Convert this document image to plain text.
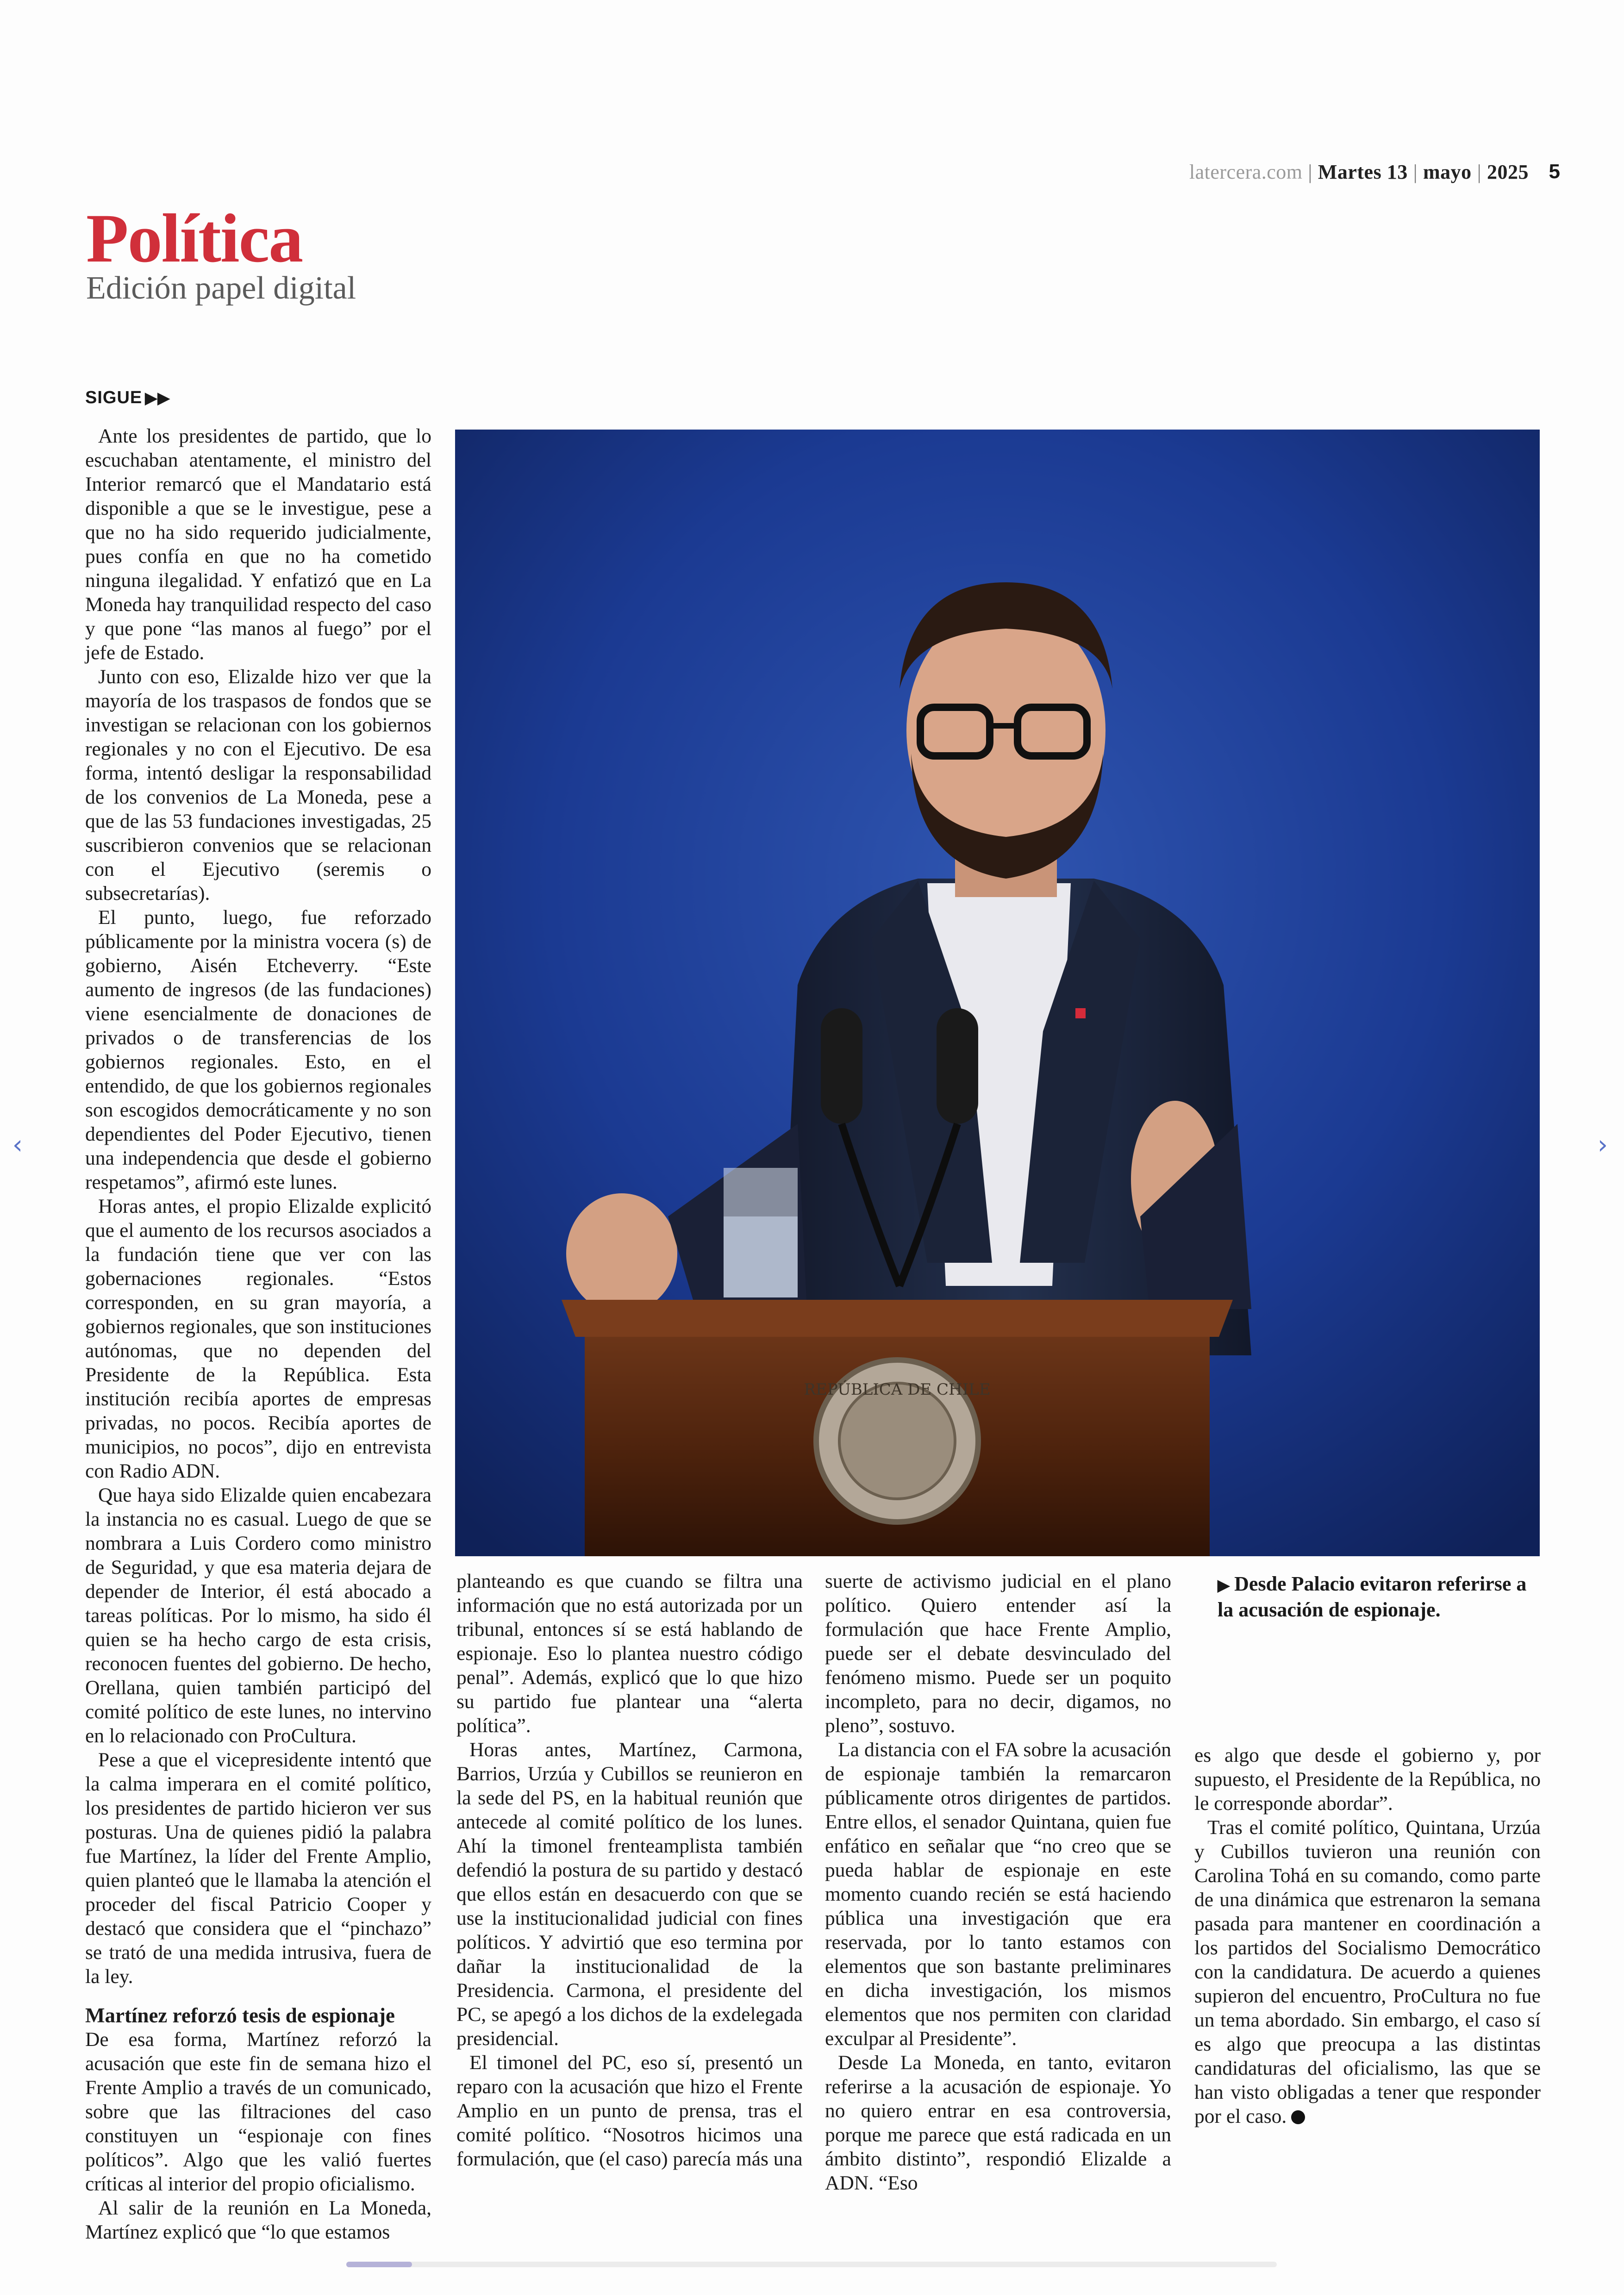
latercera.com | Martes 13 | mayo | 2025 5
Política
Edición papel digital
SIGUE ▶▶
REPÚBLICA DE CHILE

Ante los presidentes de partido, que lo escuchaban atentamente, el ministro del Interior remarcó que el Mandatario está disponible a que se le investigue, pese a que no ha sido requerido judicialmente, pues confía en que no ha cometido ninguna ilegalidad. Y enfatizó que en La Moneda hay tranquilidad respecto del caso y que pone “las manos al fuego” por el jefe de Estado.

Junto con eso, Elizalde hizo ver que la mayoría de los traspasos de fondos que se investigan se relacionan con los gobiernos regionales y no con el Ejecutivo. De esa forma, intentó desligar la responsabilidad de los convenios de La Moneda, pese a que de las 53 fundaciones investigadas, 25 suscribieron convenios que se relacionan con el Ejecutivo (seremis o subsecretarías).

El punto, luego, fue reforzado públicamente por la ministra vocera (s) de gobierno, Aisén Etcheverry. “Este aumento de ingresos (de las fundaciones) viene esencialmente de donaciones de privados o de transferencias de los gobiernos regionales. Esto, en el entendido, de que los gobiernos regionales son escogidos democráticamente y no son dependientes del Poder Ejecutivo, tienen una independencia que desde el gobierno respetamos”, afirmó este lunes.

Horas antes, el propio Elizalde explicitó que el aumento de los recursos asociados a la fundación tiene que ver con las gobernaciones regionales. “Estos corresponden, en su gran mayoría, a gobiernos regionales, que son instituciones autónomas, que no dependen del Presidente de la República. Esta institución recibía aportes de empresas privadas, no pocos. Recibía aportes de municipios, no pocos”, dijo en entrevista con Radio ADN.

Que haya sido Elizalde quien encabezara la instancia no es casual. Luego de que se nombrara a Luis Cordero como ministro de Seguridad, y que esa materia dejara de depender de Interior, él está abocado a tareas políticas. Por lo mismo, ha sido él quien se ha hecho cargo de esta crisis, reconocen fuentes del gobierno. De hecho, Orellana, quien también participó del comité político de este lunes, no intervino en lo relacionado con ProCultura.

Pese a que el vicepresidente intentó que la calma imperara en el comité político, los presidentes de partido hicieron ver sus posturas. Una de quienes pidió la palabra fue Martínez, la líder del Frente Amplio, quien planteó que le llamaba la atención el proceder del fiscal Patricio Cooper y destacó que considera que el “pinchazo” se trató de una medida intrusiva, fuera de la ley.

Martínez reforzó tesis de espionaje

De esa forma, Martínez reforzó la acusación que este fin de semana hizo el Frente Amplio a través de un comunicado, sobre que las filtraciones del caso constituyen un “espionaje con fines políticos”. Algo que les valió fuertes críticas al interior del propio oficialismo.

Al salir de la reunión en La Moneda, Martínez explicó que “lo que estamos

planteando es que cuando se filtra una información que no está autorizada por un tribunal, entonces sí se está hablando de espionaje. Eso lo plantea nuestro código penal”. Además, explicó que lo que hizo su partido fue plantear una “alerta política”.

Horas antes, Martínez, Carmona, Barrios, Urzúa y Cubillos se reunieron en la sede del PS, en la habitual reunión que antecede al comité político de los lunes. Ahí la timonel frenteamplista también defendió la postura de su partido y destacó que ellos están en desacuerdo con que se use la institucionalidad judicial con fines políticos. Y advirtió que eso termina por dañar la institucionalidad de la Presidencia. Carmona, el presidente del PC, se apegó a los dichos de la exdelegada presidencial.

El timonel del PC, eso sí, presentó un reparo con la acusación que hizo el Frente Amplio en un punto de prensa, tras el comité político. “Nosotros hicimos una formulación, que (el caso) parecía más una

suerte de activismo judicial en el plano político. Quiero entender así la formulación que hace Frente Amplio, puede ser el debate desvinculado del fenómeno mismo. Puede ser un poquito incompleto, para no decir, digamos, no pleno”, sostuvo.

La distancia con el FA sobre la acusación de espionaje también la remarcaron públicamente otros dirigentes de partidos. Entre ellos, el senador Quintana, quien fue enfático en señalar que “no creo que se pueda hablar de espionaje en este momento cuando recién se está haciendo pública una investigación que era reservada, por lo tanto estamos con elementos que son bastante preliminares en dicha investigación, los mismos elementos que nos permiten con claridad exculpar al Presidente”.

Desde La Moneda, en tanto, evitaron referirse a la acusación de espionaje. Yo no quiero entrar en esa controversia, porque me parece que está radicada en un ámbito distinto”, respondió Elizalde a ADN. “Eso

▶ Desde Palacio evitaron referirse a la acusación de espionaje.

es algo que desde el gobierno y, por supuesto, el Presidente de la República, no le corresponde abordar”.

Tras el comité político, Quintana, Urzúa y Cubillos tuvieron una reunión con Carolina Tohá en su comando, como parte de una dinámica que estrenaron la semana pasada para mantener en coordinación a los partidos del Socialismo Democrático con la candidatura. De acuerdo a quienes supieron del encuentro, ProCultura no fue un tema abordado. Sin embargo, el caso sí es algo que preocupa a las distintas candidaturas del oficialismo, las que se han visto obligadas a tener que responder por el caso.

‹	›
